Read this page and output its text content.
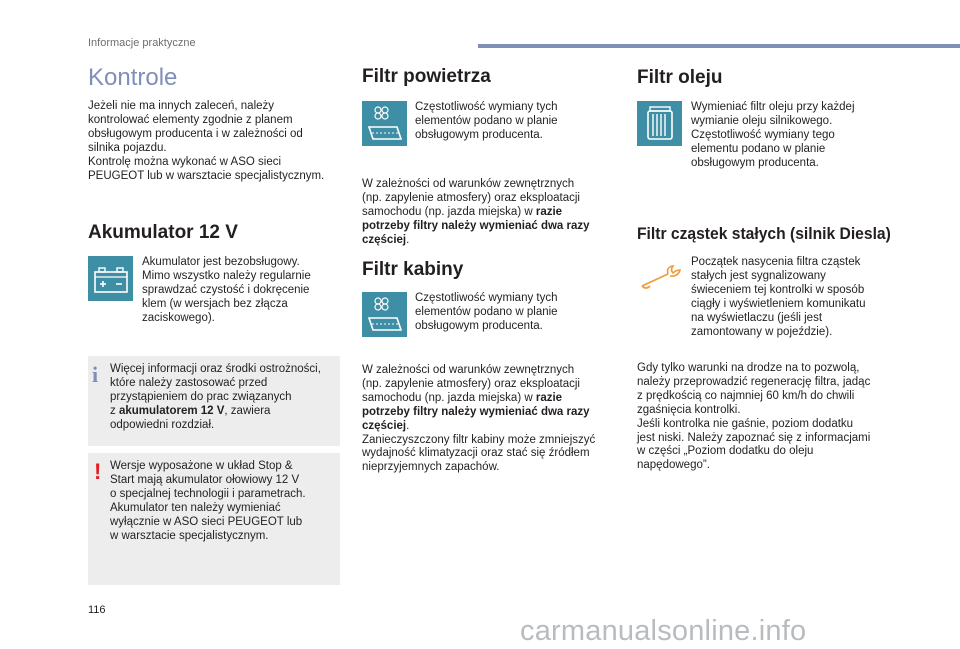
Informacje praktyczne
Kontrole
Jeżeli nie ma innych zaleceń, należy
kontrolować elementy zgodnie z planem
obsługowym producenta i w zależności od
silnika pojazdu.
Kontrolę można wykonać w ASO sieci
PEUGEOT lub w warsztacie specjalistycznym.
Akumulator 12 V
Akumulator jest bezobsługowy.
Mimo wszystko należy regularnie
sprawdzać czystość i dokręcenie
klem (w wersjach bez złącza
zaciskowego).
i Więcej informacji oraz środki ostrożności,
które należy zastosować przed
przystąpieniem do prac związanych
z akumulatorem 12 V, zawiera
odpowiedni rozdział.
! Wersje wyposażone w układ Stop &
Start mają akumulator ołowiowy 12 V
o specjalnej technologii i parametrach.
Akumulator ten należy wymieniać
wyłącznie w ASO sieci PEUGEOT lub
w warsztacie specjalistycznym.
Filtr powietrza
Częstotliwość wymiany tych
elementów podano w planie
obsługowym producenta.
W zależności od warunków zewnętrznych
(np. zapylenie atmosfery) oraz eksploatacji
samochodu (np. jazda miejska) w razie
potrzeby filtry należy wymieniać dwa razy
częściej.
Filtr kabiny
Częstotliwość wymiany tych
elementów podano w planie
obsługowym producenta.
W zależności od warunków zewnętrznych
(np. zapylenie atmosfery) oraz eksploatacji
samochodu (np. jazda miejska) w razie
potrzeby filtry należy wymieniać dwa razy
częściej.
Zanieczyszczony filtr kabiny może zmniejszyć
wydajność klimatyzacji oraz stać się źródłem
nieprzyjemnych zapachów.
Filtr oleju
Wymieniać filtr oleju przy każdej
wymianie oleju silnikowego.
Częstotliwość wymiany tego
elementu podano w planie
obsługowym producenta.
Filtr cząstek stałych (silnik Diesla)
Początek nasycenia filtra cząstek
stałych jest sygnalizowany
świeceniem tej kontrolki w sposób
ciągły i wyświetleniem komunikatu
na wyświetlaczu (jeśli jest
zamontowany w pojeździe).
Gdy tylko warunki na drodze na to pozwolą,
należy przeprowadzić regenerację filtra, jadąc
z prędkością co najmniej 60 km/h do chwili
zgaśnięcia kontrolki.
Jeśli kontrolka nie gaśnie, poziom dodatku
jest niski. Należy zapoznać się z informacjami
w części „Poziom dodatku do oleju
napędowego”.
116
carmanualsonline.info
